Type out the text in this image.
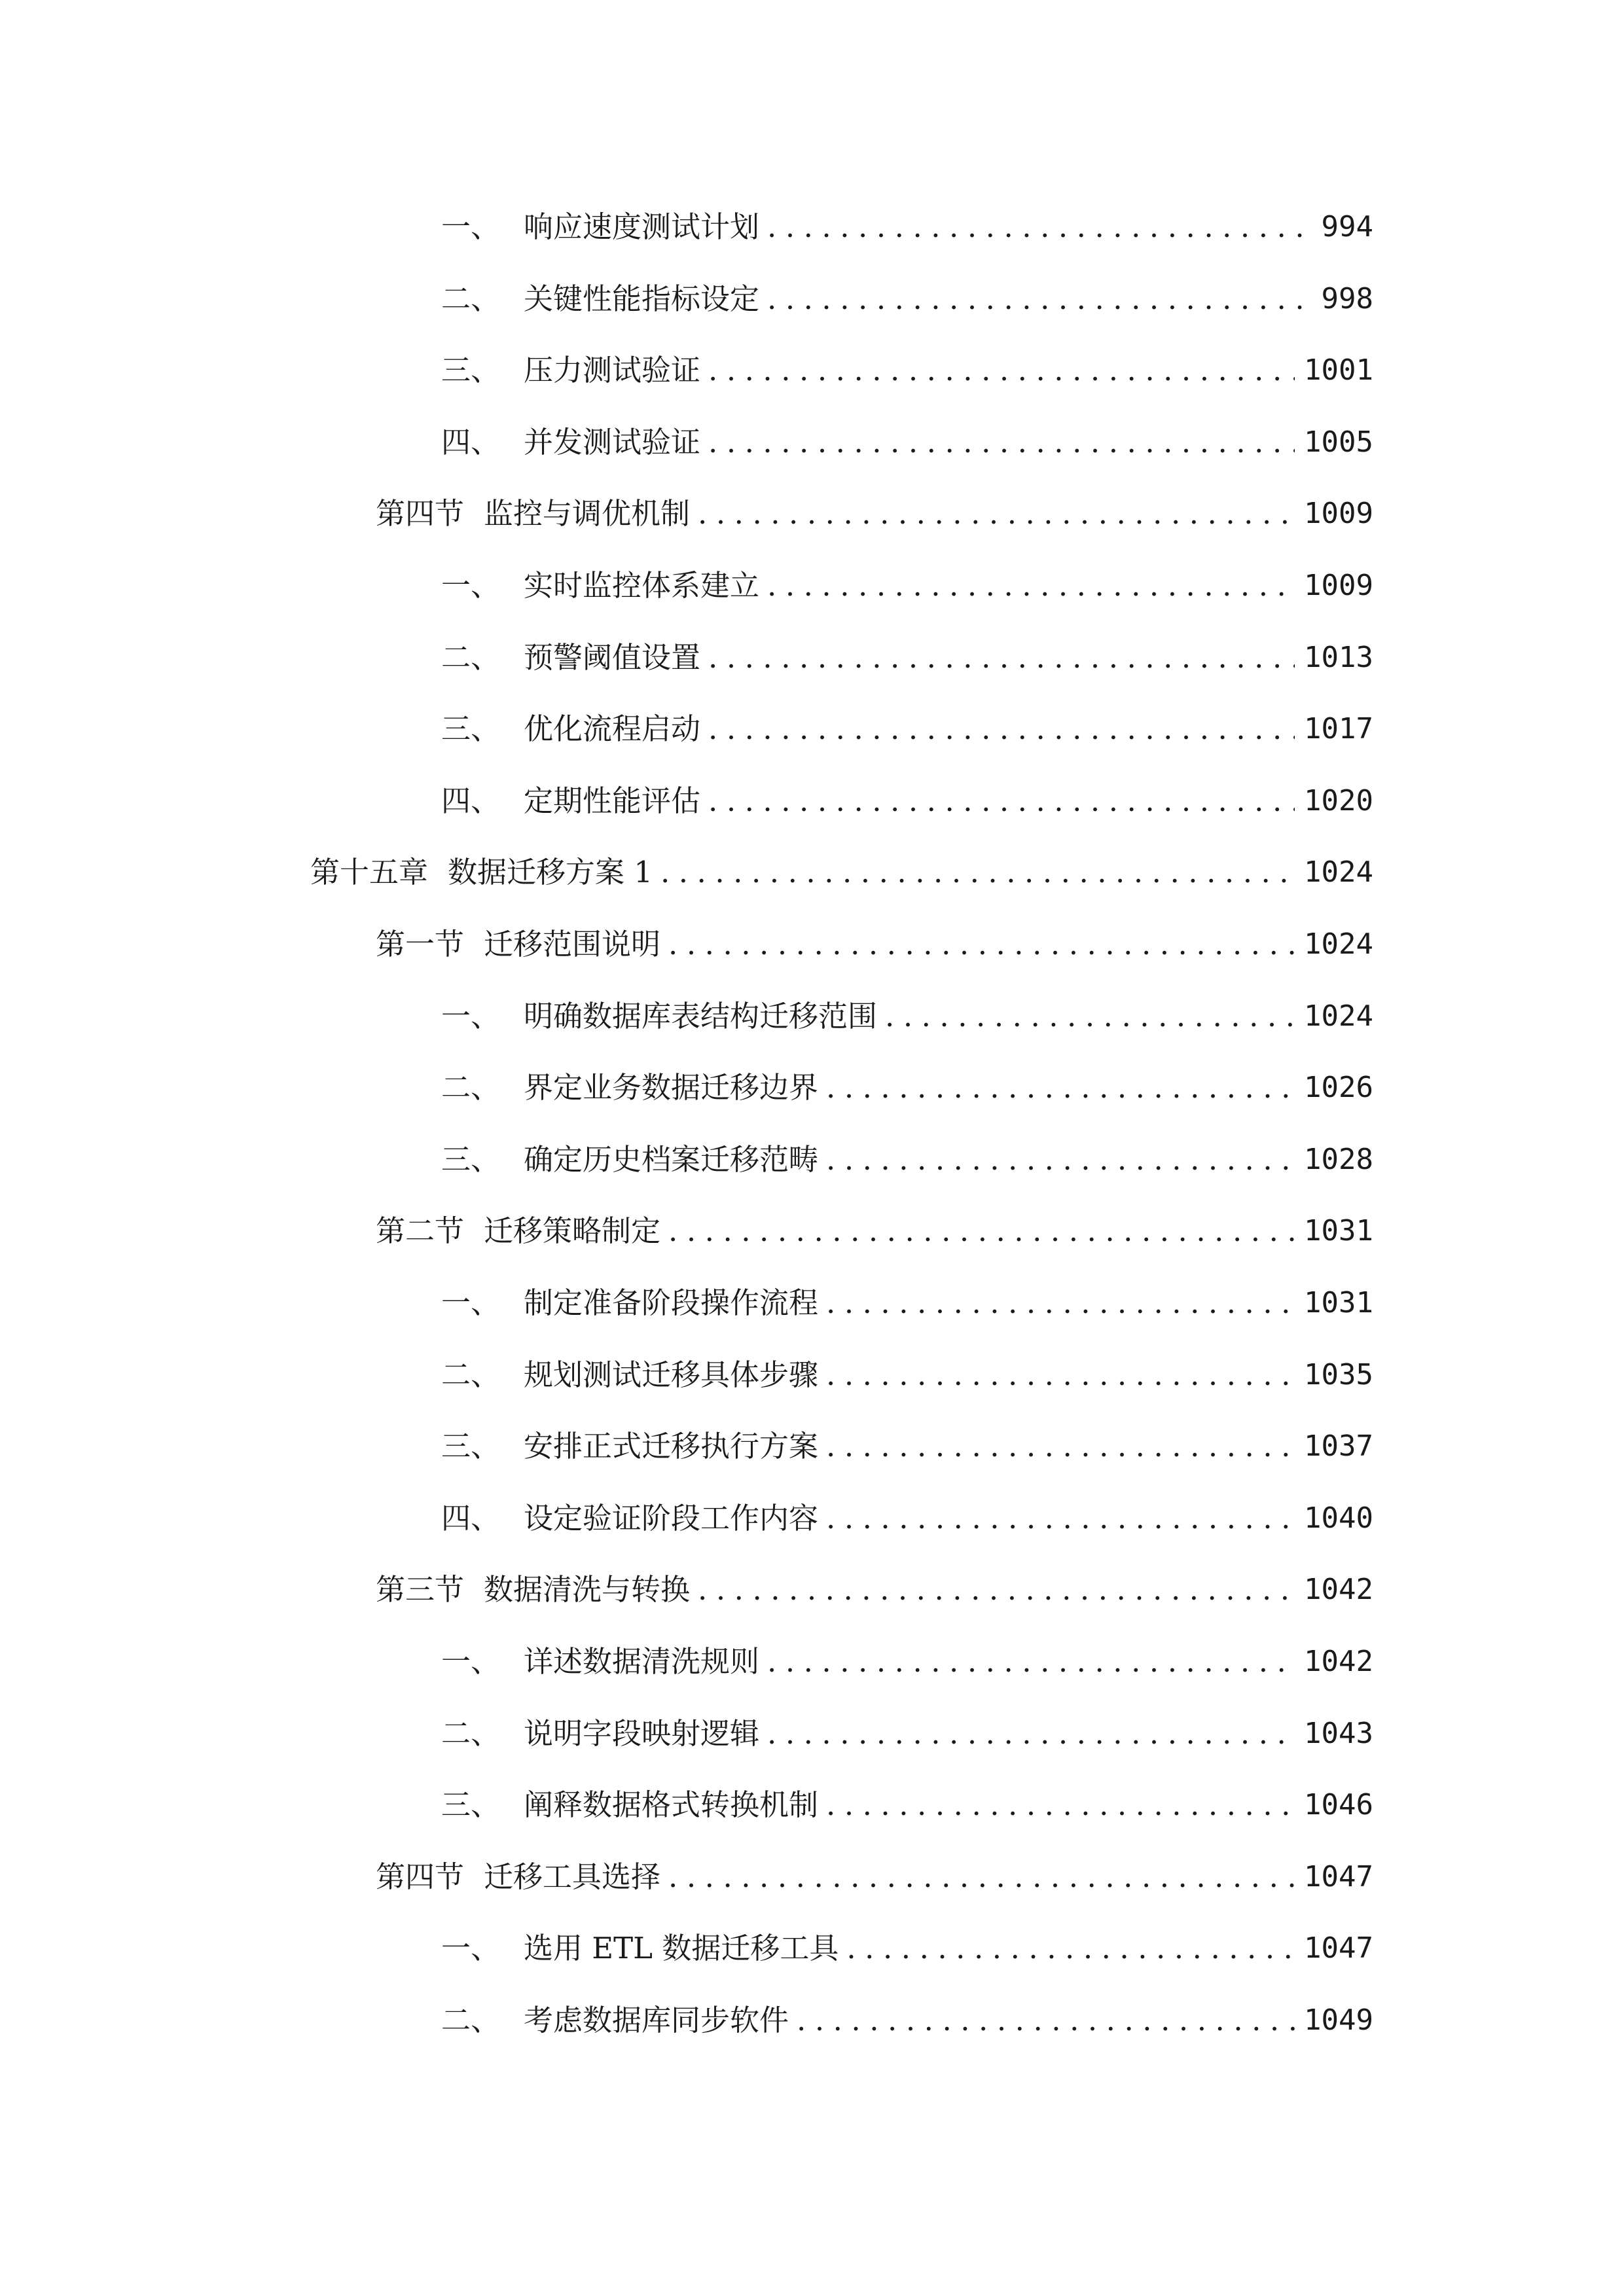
一、 响应速度测试计划 .....	994
二、 关键性能指标设定 .....	998
三、 压力测试验证 .....	1001
四、 并发测试验证 .....	1005
第四节 监控与调优机制 .....	1009
一、 实时监控体系建立 .....	1009
二、 预警阈值设置 .....	1013
三、 优化流程启动 .....	1017
四、 定期性能评估 .....	1020
第十五章 数据迁移方案 1 .....	1024
第一节 迁移范围说明 .....	1024
一、 明确数据库表结构迁移范围 .....	1024
二、 界定业务数据迁移边界 .....	1026
三、 确定历史档案迁移范畴 .....	1028
第二节 迁移策略制定 .....	1031
一、 制定准备阶段操作流程 .....	1031
二、 规划测试迁移具体步骤 .....	1035
三、 安排正式迁移执行方案 .....	1037
四、 设定验证阶段工作内容 .....	1040
第三节 数据清洗与转换 .....	1042
一、 详述数据清洗规则 .....	1042
二、 说明字段映射逻辑 .....	1043
三、 阐释数据格式转换机制 .....	1046
第四节 迁移工具选择 .....	1047
一、 选用 ETL 数据迁移工具 .....	1047
二、 考虑数据库同步软件 .....	1049
